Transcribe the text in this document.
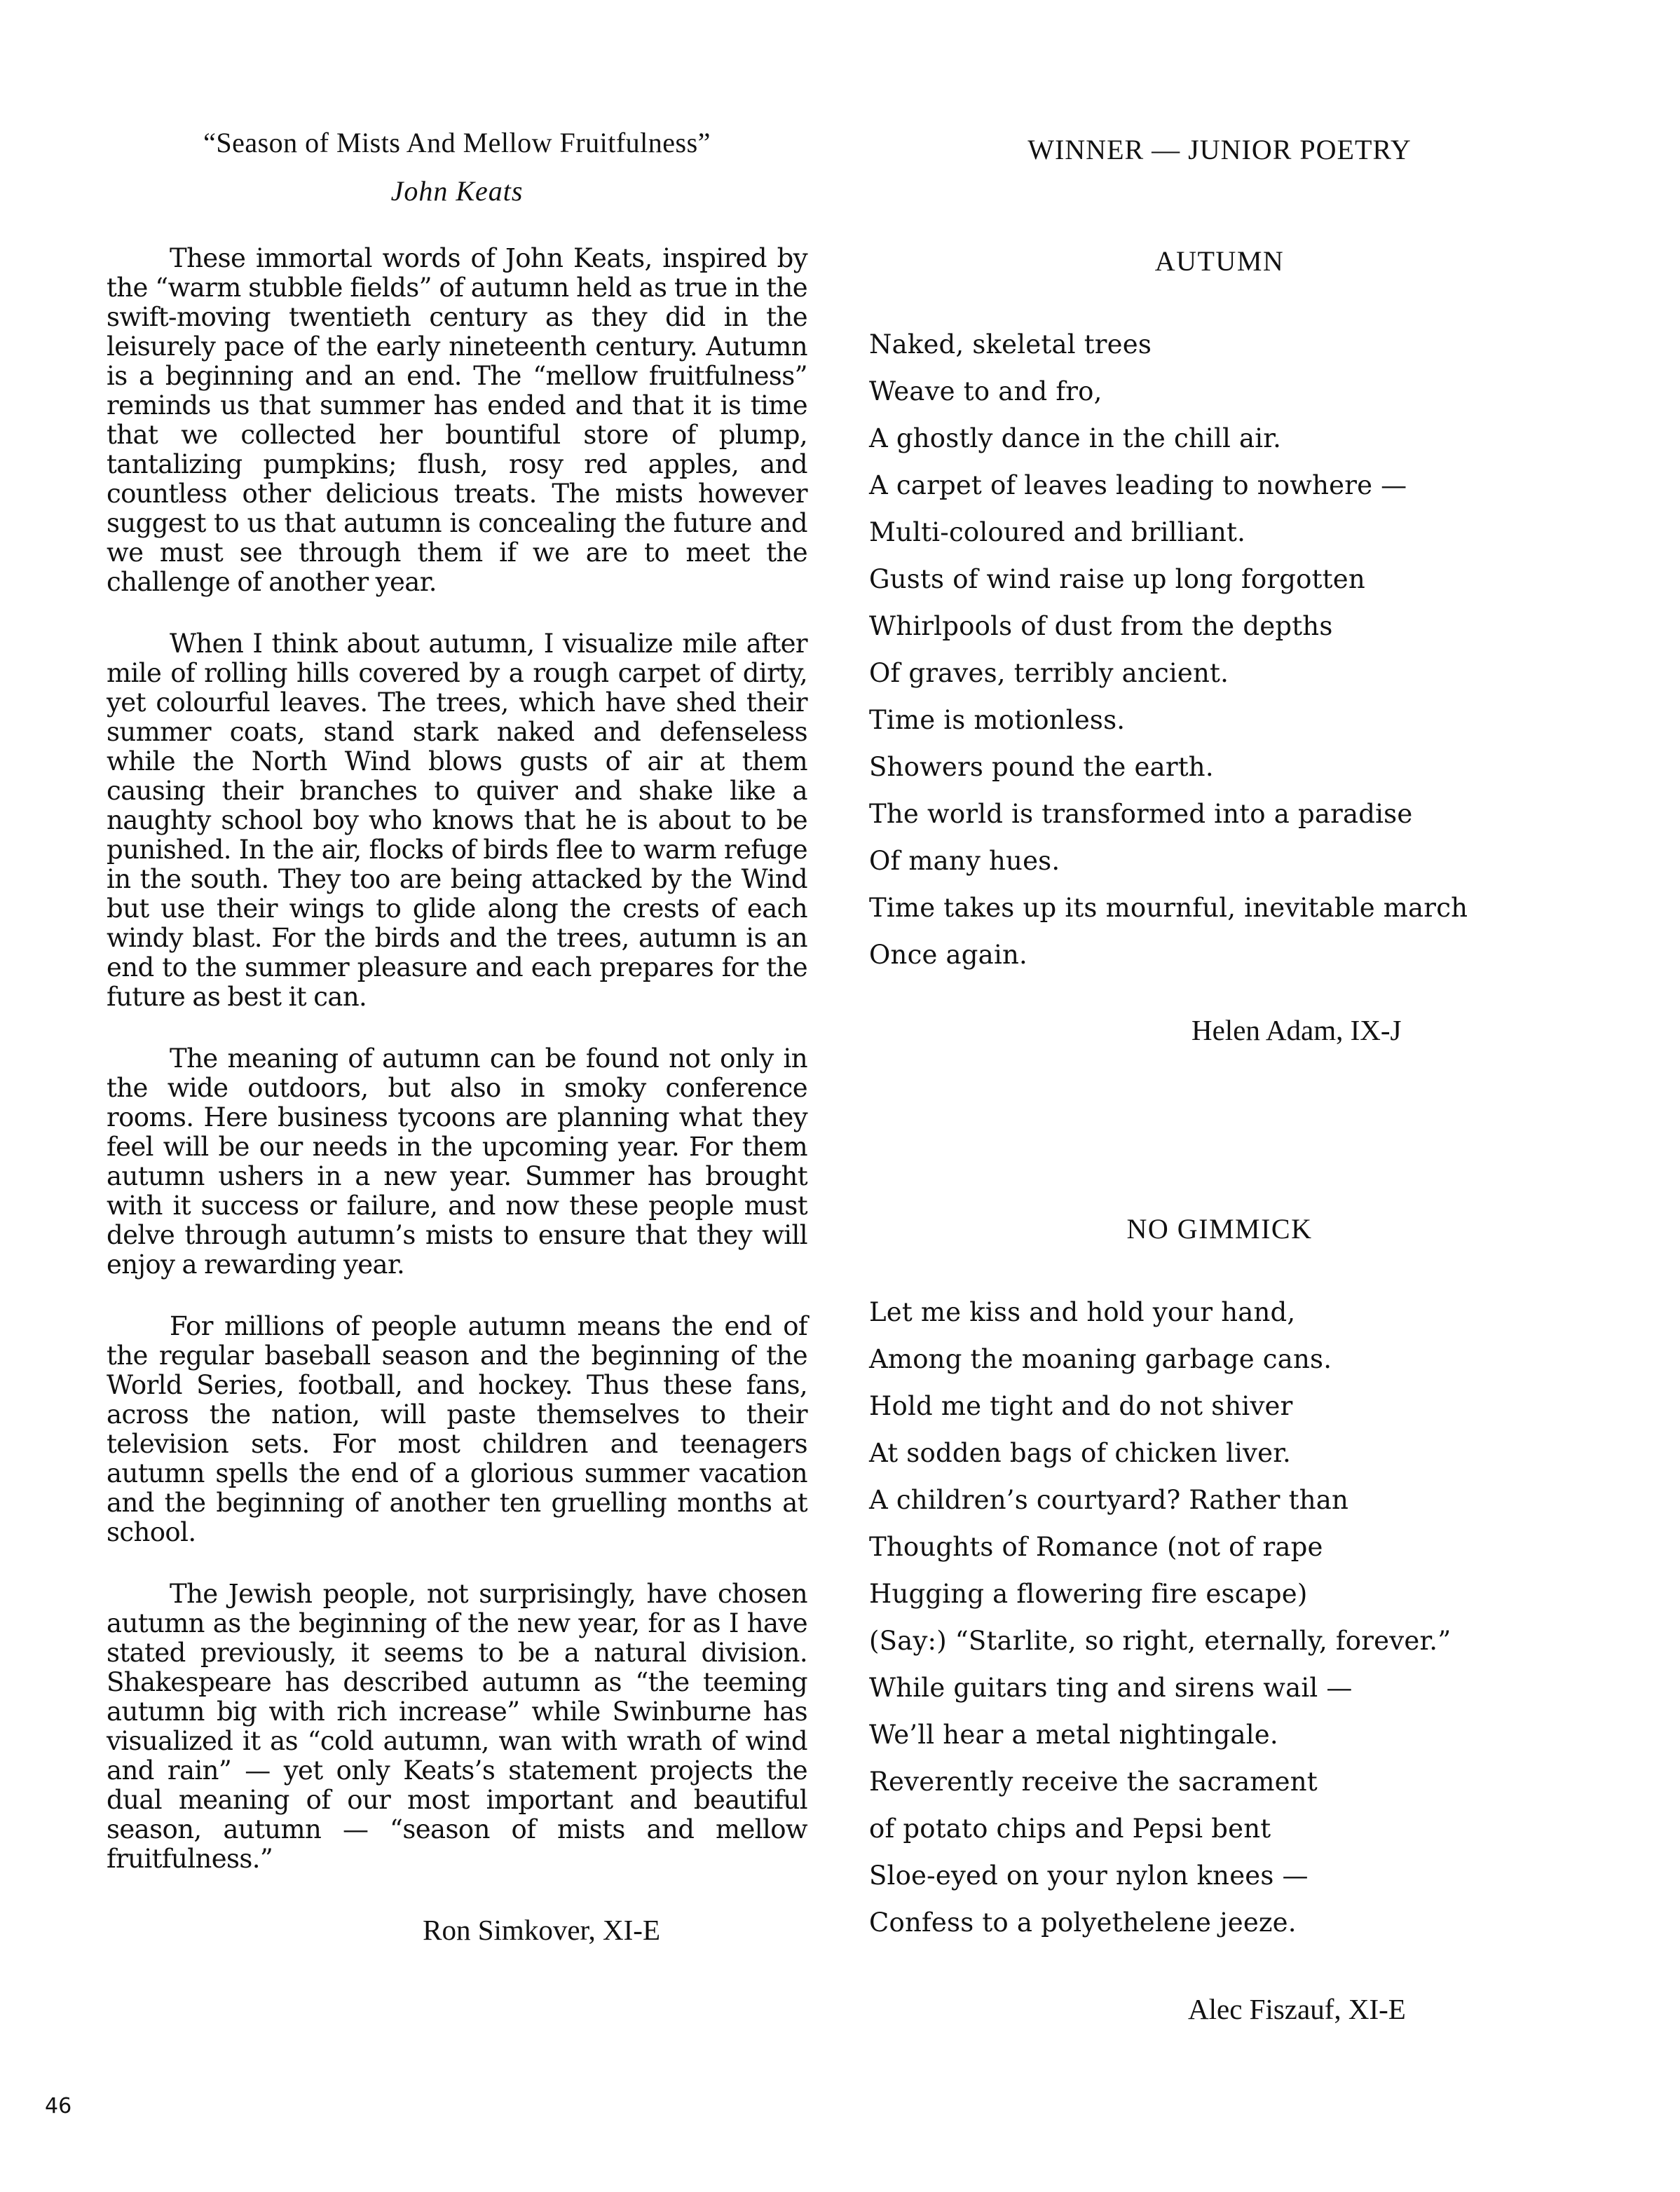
“Season of Mists And Mellow Fruitfulness”
John Keats

These immortal words of John Keats, inspired by the “warm stubble fields” of autumn held as true in the swift-moving twentieth century as they did in the leisurely pace of the early nineteenth century. Autumn is a beginning and an end. The “mellow fruitfulness” reminds us that summer has ended and that it is time that we collected her bountiful store of plump, tantalizing pumpkins; flush, rosy red apples, and countless other delicious treats. The mists however suggest to us that autumn is concealing the future and we must see through them if we are to meet the challenge of another year.

When I think about autumn, I visualize mile after mile of rolling hills covered by a rough carpet of dirty, yet colourful leaves. The trees, which have shed their summer coats, stand stark naked and defenseless while the North Wind blows gusts of air at them causing their branches to quiver and shake like a naughty school boy who knows that he is about to be punished. In the air, flocks of birds flee to warm refuge in the south. They too are being attacked by the Wind but use their wings to glide along the crests of each windy blast. For the birds and the trees, autumn is an end to the summer pleasure and each prepares for the future as best it can.

The meaning of autumn can be found not only in the wide outdoors, but also in smoky conference rooms. Here business tycoons are planning what they feel will be our needs in the upcoming year. For them autumn ushers in a new year. Summer has brought with it success or failure, and now these people must delve through autumn’s mists to ensure that they will enjoy a rewarding year.

For millions of people autumn means the end of the regular baseball season and the beginning of the World Series, football, and hockey. Thus these fans, across the nation, will paste themselves to their television sets. For most children and teenagers autumn spells the end of a glorious summer vacation and the beginning of another ten gruelling months at school.

The Jewish people, not surprisingly, have chosen autumn as the beginning of the new year, for as I have stated previously, it seems to be a natural division. Shakespeare has described autumn as “the teeming autumn big with rich increase” while Swinburne has visualized it as “cold autumn, wan with wrath of wind and rain” — yet only Keats’s statement projects the dual meaning of our most important and beautiful season, autumn — “season of mists and mellow fruitfulness.”

Ron Simkover, XI-E
WINNER — JUNIOR POETRY
AUTUMN
Naked, skeletal trees
Weave to and fro,
A ghostly dance in the chill air.
A carpet of leaves leading to nowhere —
Multi-coloured and brilliant.
Gusts of wind raise up long forgotten
Whirlpools of dust from the depths
Of graves, terribly ancient.
Time is motionless.
Showers pound the earth.
The world is transformed into a paradise
Of many hues.
Time takes up its mournful, inevitable march
Once again.
Helen Adam, IX-J
NO GIMMICK
Let me kiss and hold your hand,
Among the moaning garbage cans.
Hold me tight and do not shiver
At sodden bags of chicken liver.
A children’s courtyard? Rather than
Thoughts of Romance (not of rape
Hugging a flowering fire escape)
(Say:) “Starlite, so right, eternally, forever.”
While guitars ting and sirens wail —
We’ll hear a metal nightingale.
Reverently receive the sacrament
of potato chips and Pepsi bent
Sloe-eyed on your nylon knees —
Confess to a polyethelene jeeze.
Alec Fiszauf, XI-E
46
